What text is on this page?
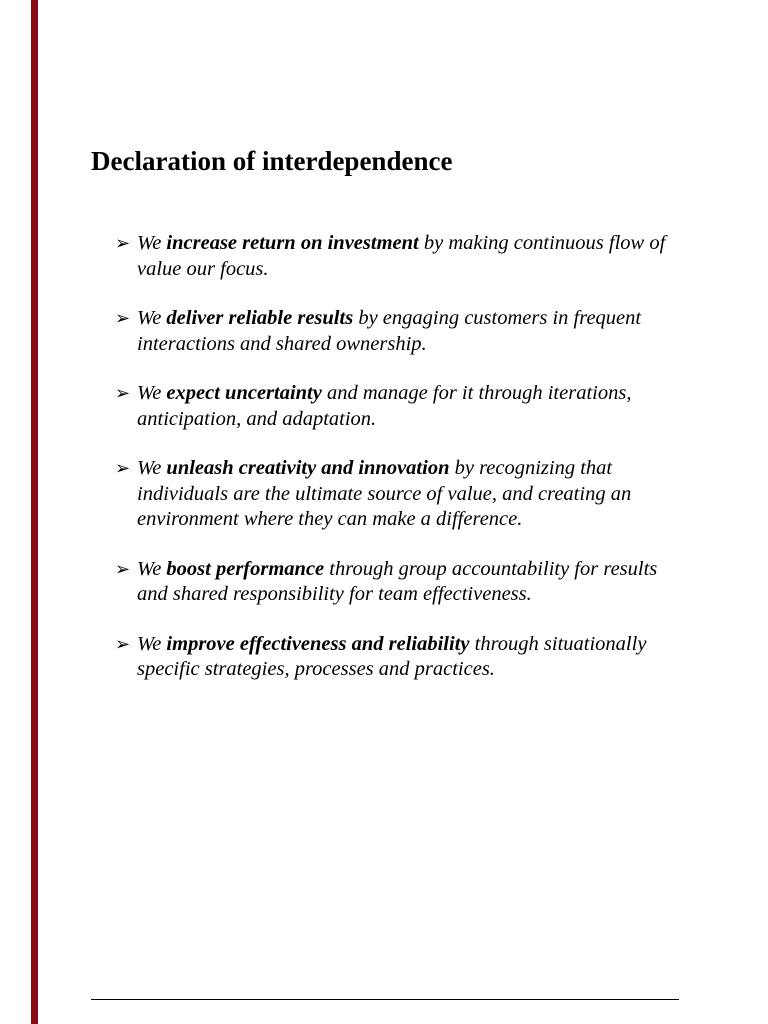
Declaration of interdependence
➢ We increase return on investment by making continuous flow of value our focus.
➢ We deliver reliable results by engaging customers in frequent interactions and shared ownership.
➢ We expect uncertainty and manage for it through iterations, anticipation, and adaptation.
➢ We unleash creativity and innovation by recognizing that individuals are the ultimate source of value, and creating an environment where they can make a difference.
➢ We boost performance through group accountability for results and shared responsibility for team effectiveness.
➢ We improve effectiveness and reliability through situationally specific strategies, processes and practices.
